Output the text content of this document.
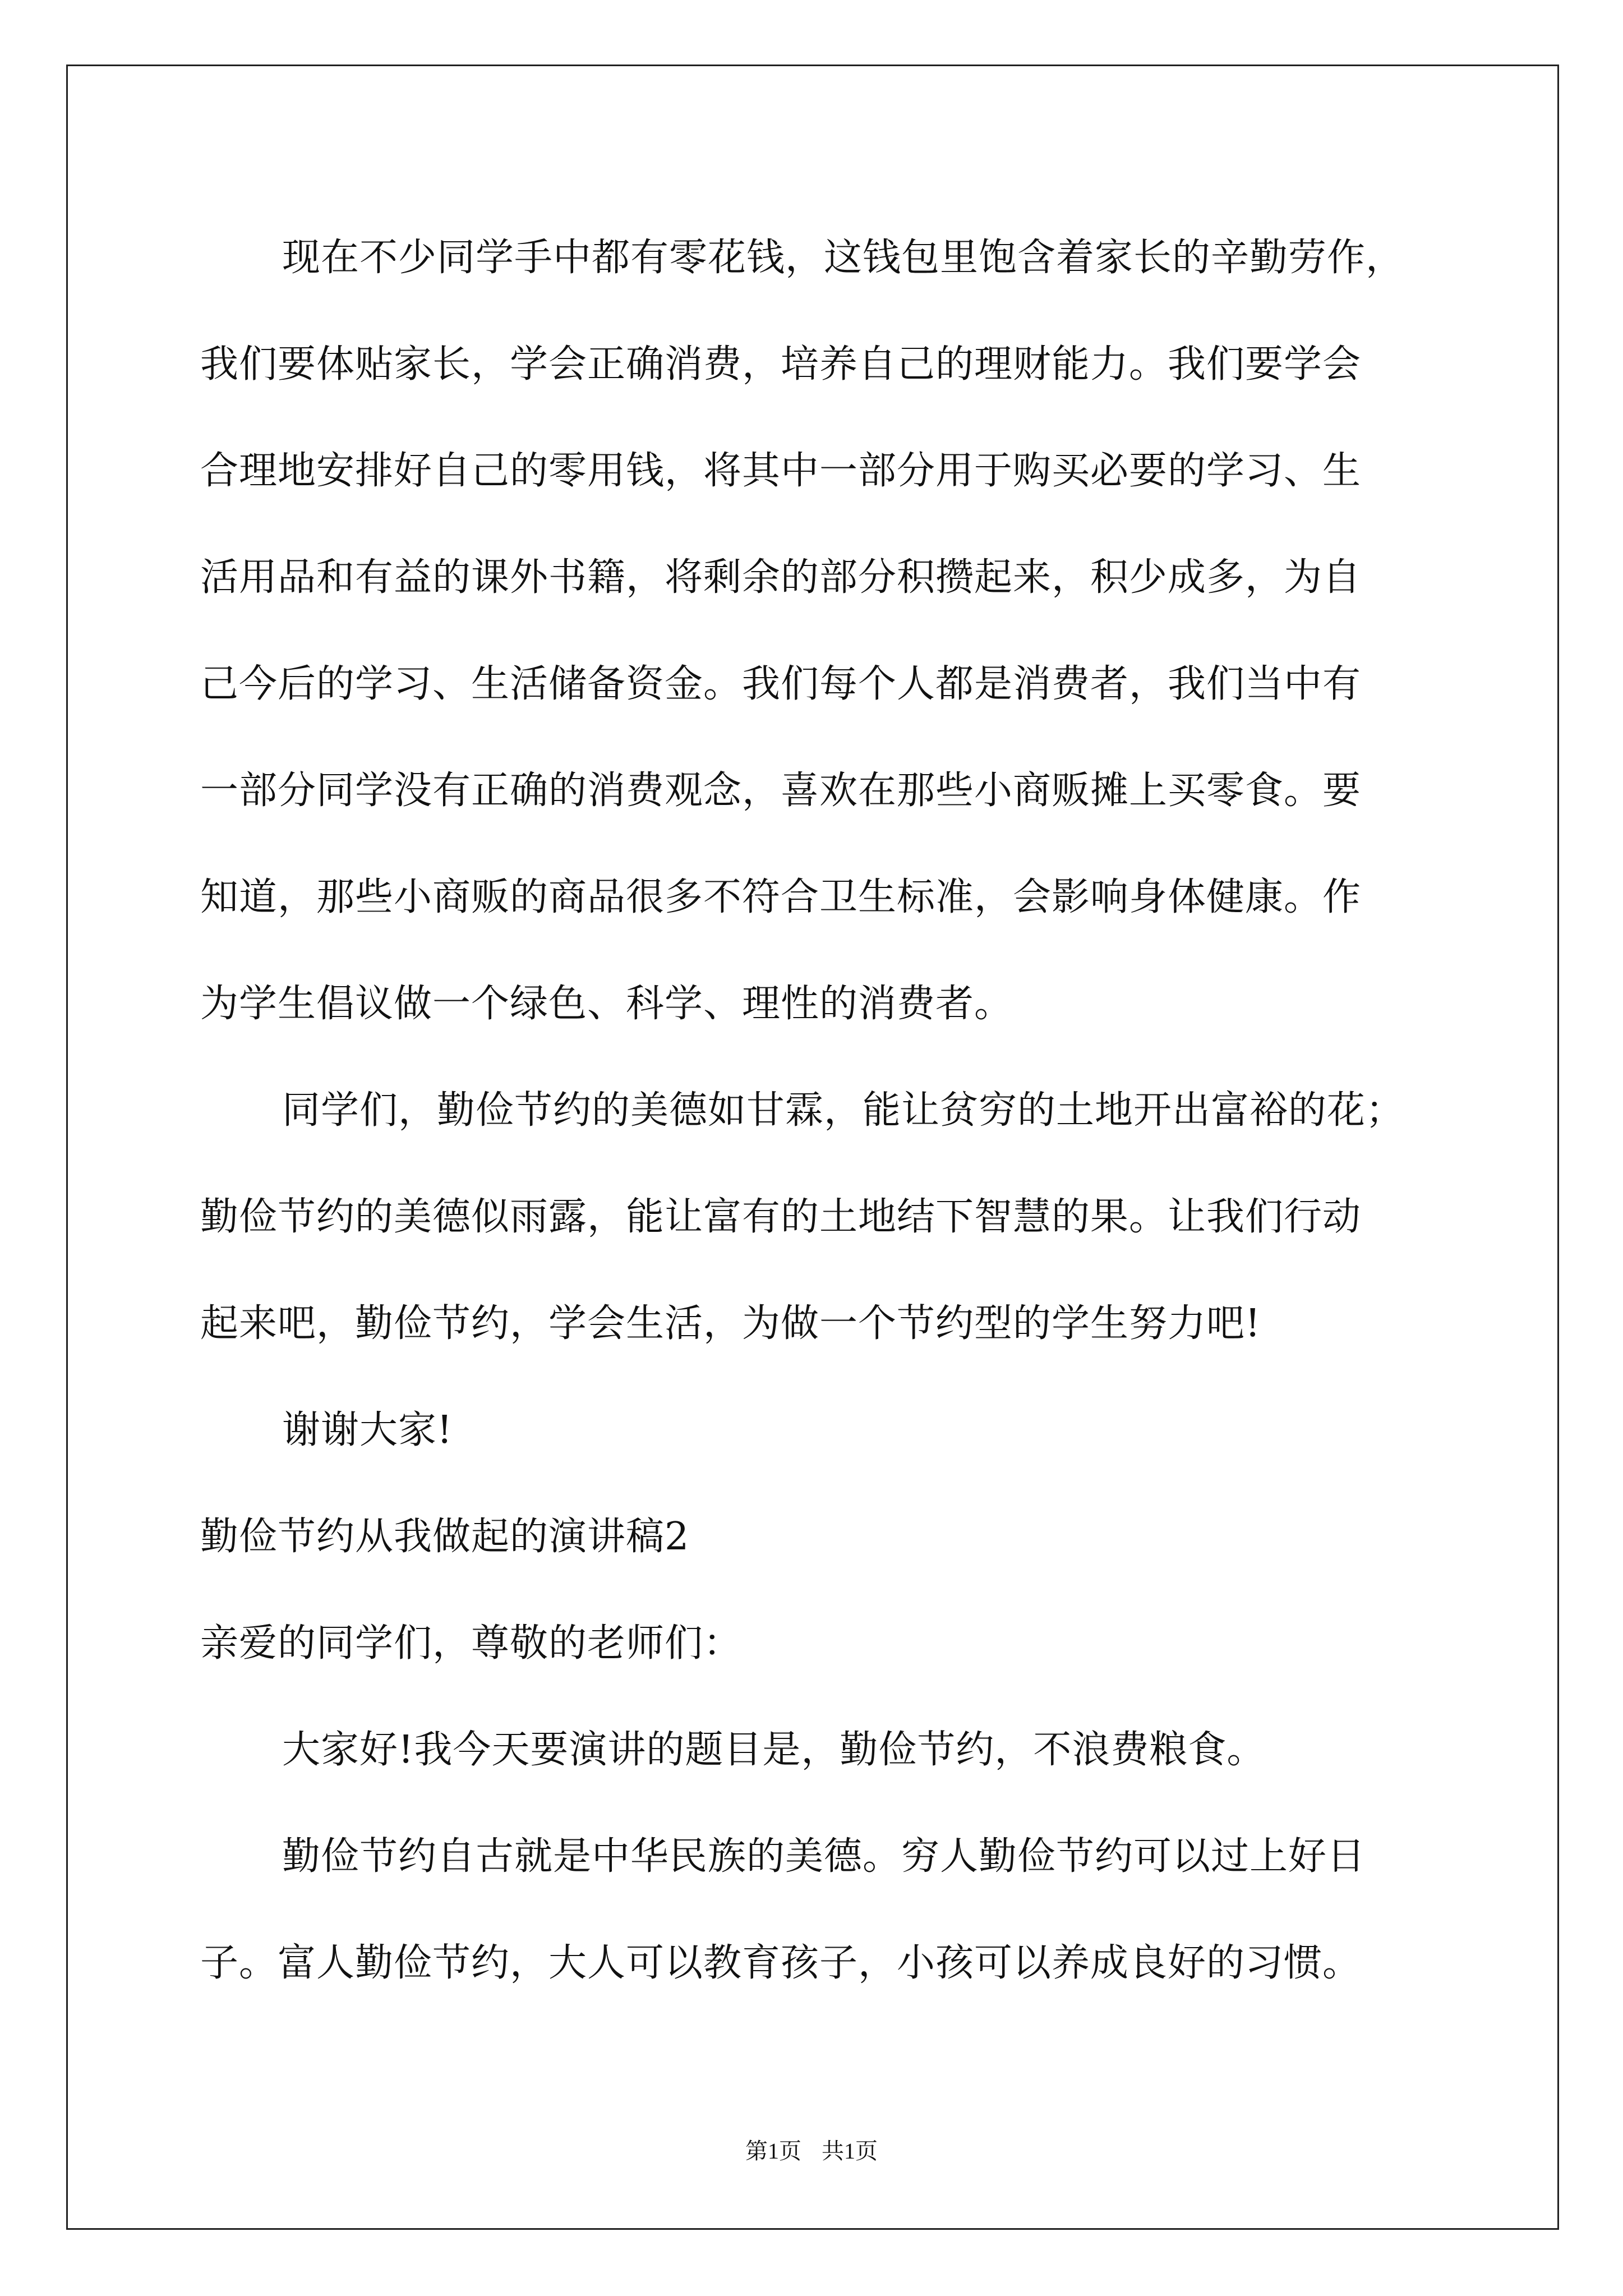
现在不少同学手中都有零花钱，这钱包里饱含着家长的辛勤劳作，
我们要体贴家长，学会正确消费，培养自己的理财能力。我们要学会
合理地安排好自己的零用钱，将其中一部分用于购买必要的学习、生
活用品和有益的课外书籍，将剩余的部分积攒起来，积少成多，为自
己今后的学习、生活储备资金。我们每个人都是消费者，我们当中有
一部分同学没有正确的消费观念，喜欢在那些小商贩摊上买零食。要
知道，那些小商贩的商品很多不符合卫生标准，会影响身体健康。作
为学生倡议做一个绿色、科学、理性的消费者。
同学们，勤俭节约的美德如甘霖，能让贫穷的土地开出富裕的花；
勤俭节约的美德似雨露，能让富有的土地结下智慧的果。让我们行动
起来吧，勤俭节约，学会生活，为做一个节约型的学生努力吧!
谢谢大家!
勤俭节约从我做起的演讲稿2
亲爱的同学们，尊敬的老师们：
大家好!我今天要演讲的题目是，勤俭节约，不浪费粮食。
勤俭节约自古就是中华民族的美德。穷人勤俭节约可以过上好日
子。富人勤俭节约，大人可以教育孩子，小孩可以养成良好的习惯。
第1页 共1页
